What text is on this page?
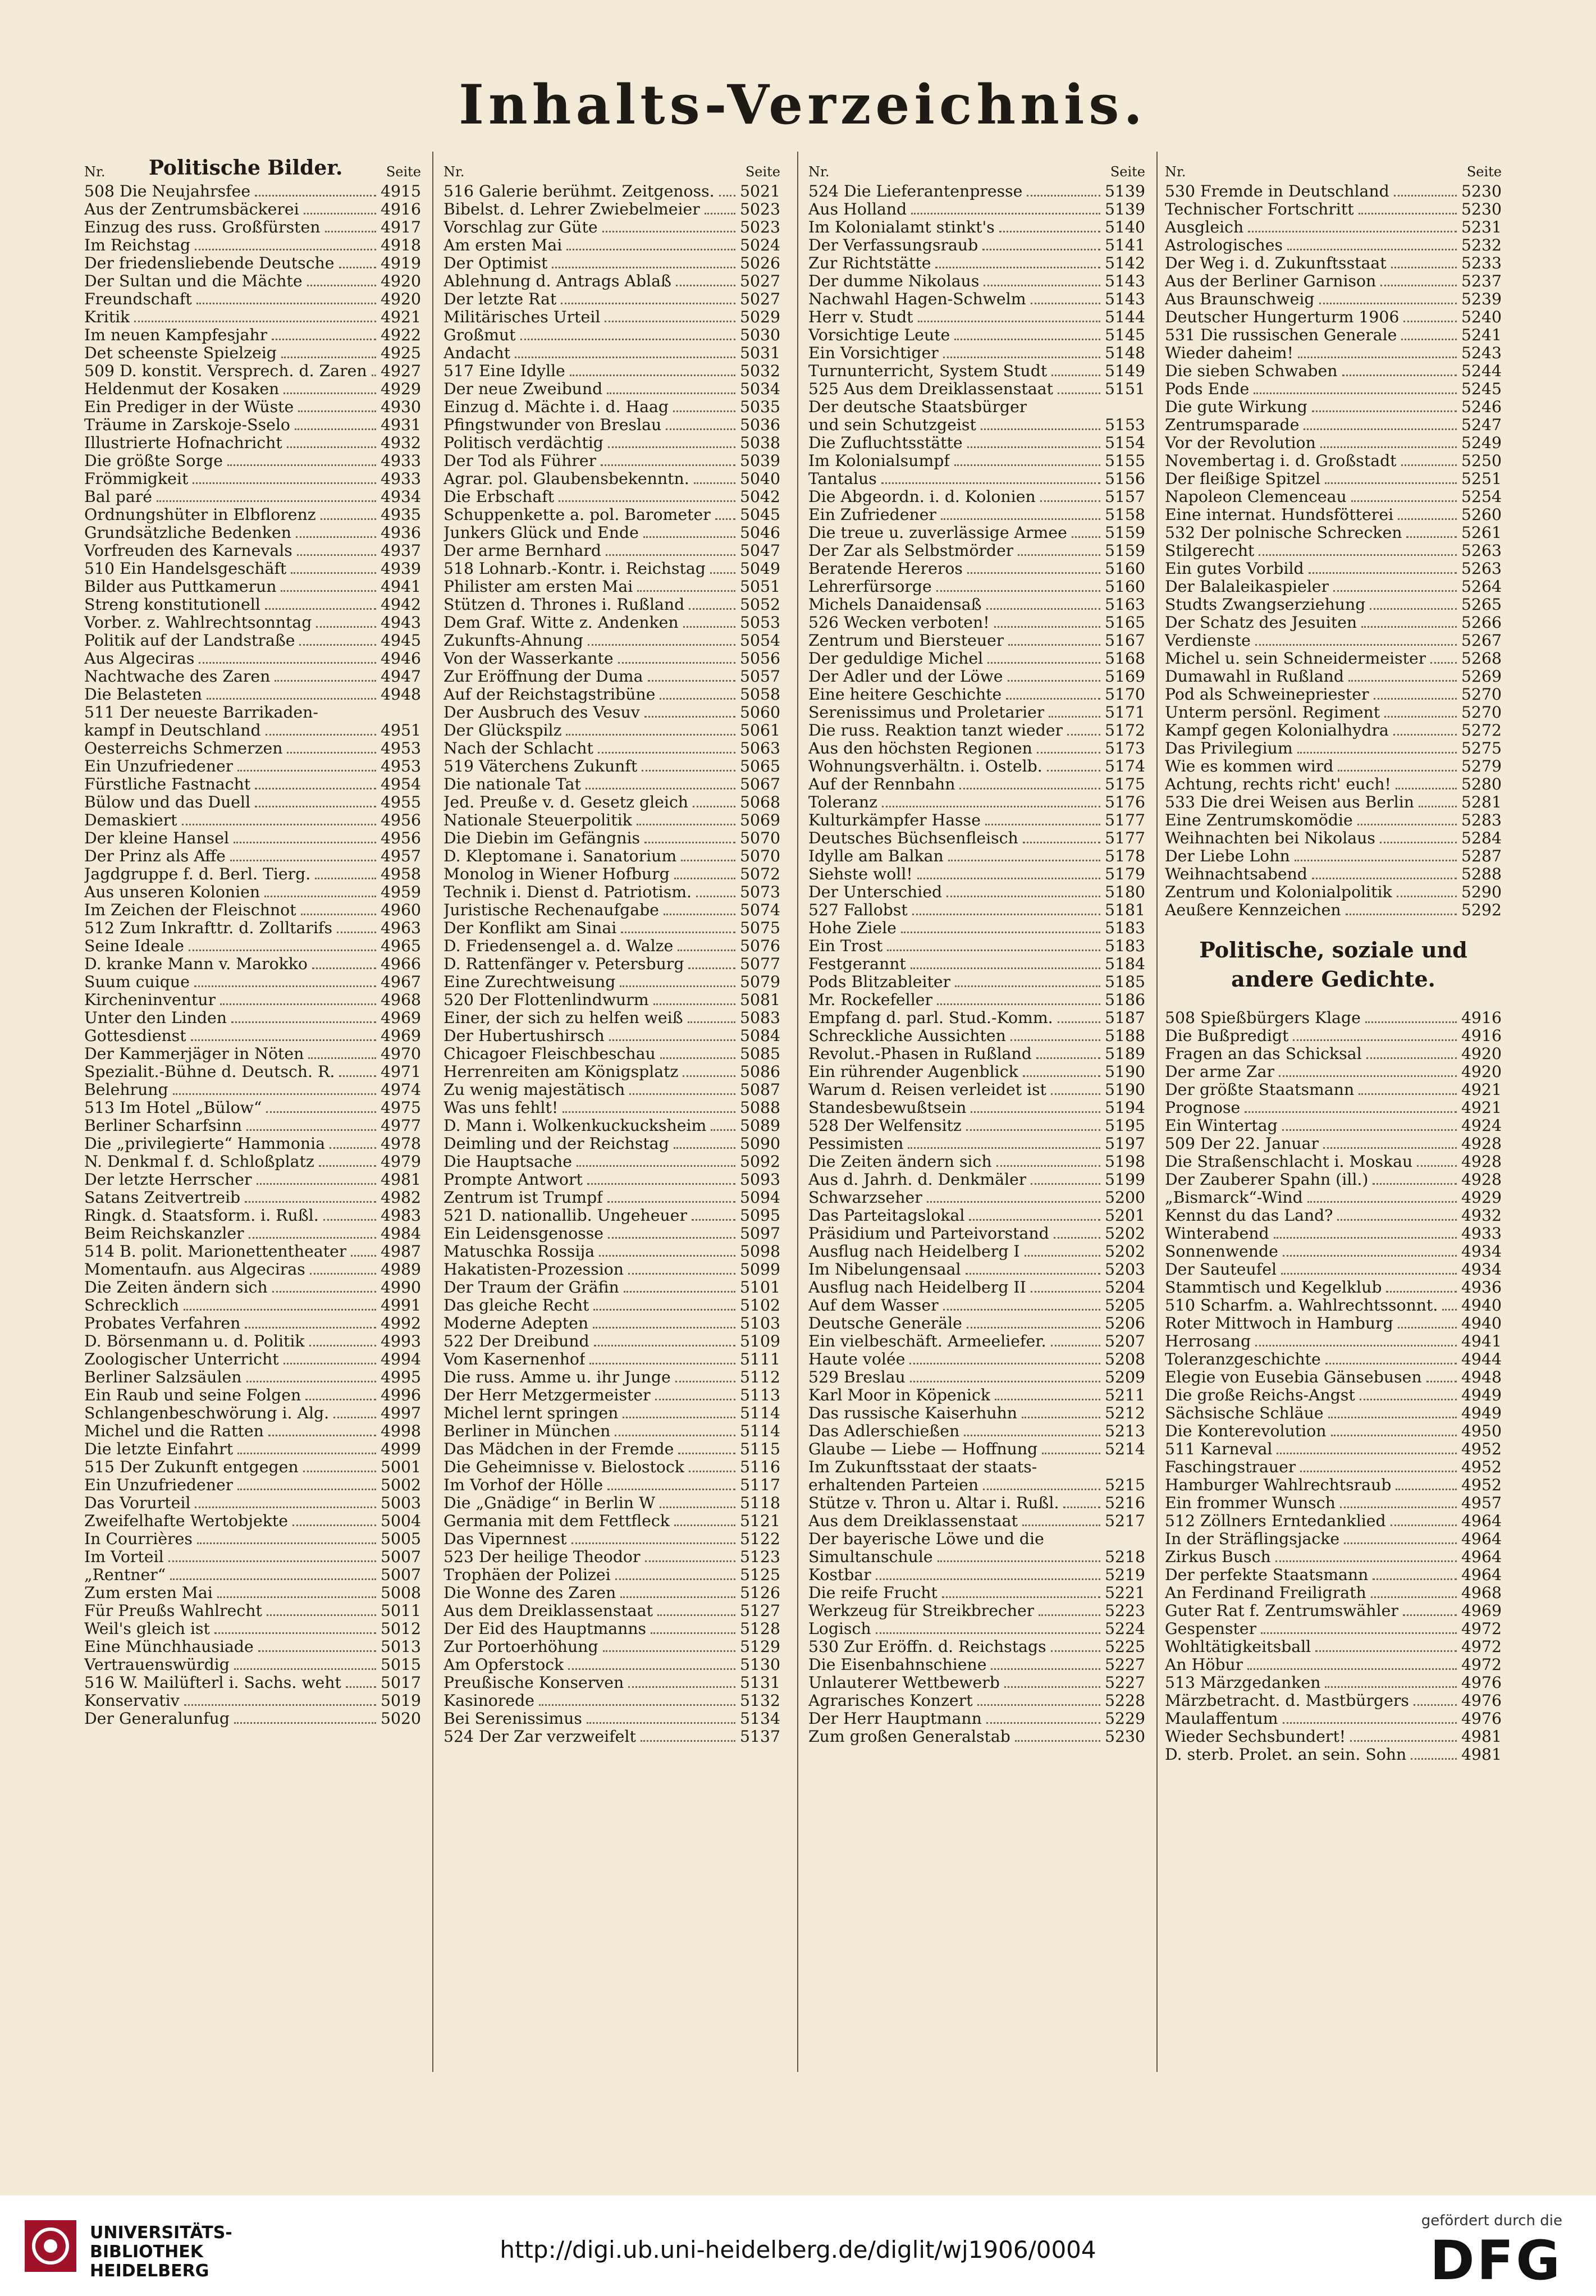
Inhalts-Verzeichnis.
Nr.	Politische Bilder.	Seite
508 Die Neujahrsfee	4915
Aus der Zentrumsbäckerei	4916
Einzug des russ. Großfürsten	4917
Im Reichstag	4918
Der friedensliebende Deutsche	4919
Der Sultan und die Mächte	4920
Freundschaft	4920
Kritik	4921
Im neuen Kampfesjahr	4922
Det scheenste Spielzeig	4925
509 D. konstit. Versprech. d. Zaren 4927
Heldenmut der Kosaken	4929
Ein Prediger in der Wüste	4930
Träume in Zarskoje-Sselo	4931
Illustrierte Hofnachricht	4932
Die größte Sorge	4933
Frömmigkeit	4933
Bal paré	4934
Ordnungshüter in Elbflorenz	4935
Grundsätzliche Bedenken	4936
Vorfreuden des Karnevals	4937
510 Ein Handelsgeschäft	4939
Bilder aus Puttkamerun	4941
Streng konstitutionell	4942
Vorber. z. Wahlrechtsonntag	4943
Politik auf der Landstraße	4945
Aus Algeciras	4946
Nachtwache des Zaren	4947
Die Belasteten	4948
511 Der neueste Barrikaden-
kampf in Deutschland	4951
Oesterreichs Schmerzen	4953
Ein Unzufriedener	4953
Fürstliche Fastnacht	4954
Bülow und das Duell	4955
Demaskiert	4956
Der kleine Hansel	4956
Der Prinz als Affe	4957
Jagdgruppe f. d. Berl. Tierg.	4958
Aus unseren Kolonien	4959
Im Zeichen der Fleischnot	4960
512 Zum Inkrafttr. d. Zolltarifs	4963
Seine Ideale	4965
D. kranke Mann v. Marokko	4966
Suum cuique	4967
Kircheninventur	4968
Unter den Linden	4969
Gottesdienst	4969
Der Kammerjäger in Nöten	4970
Spezialit.-Bühne d. Deutsch. R.	4971
Belehrung	4974
513 Im Hotel „Bülow“	4975
Berliner Scharfsinn	4977
Die „privilegierte“ Hammonia	4978
N. Denkmal f. d. Schloßplatz	4979
Der letzte Herrscher	4981
Satans Zeitvertreib	4982
Ringk. d. Staatsform. i. Rußl.	4983
Beim Reichskanzler	4984
514 B. polit. Marionettentheater 4987
Momentaufn. aus Algeciras	4989
Die Zeiten ändern sich	4990
Schrecklich	4991
Probates Verfahren	4992
D. Börsenmann u. d. Politik	4993
Zoologischer Unterricht	4994
Berliner Salzsäulen	4995
Ein Raub und seine Folgen	4996
Schlangenbeschwörung i. Alg.	4997
Michel und die Ratten	4998
Die letzte Einfahrt	4999
515 Der Zukunft entgegen	5001
Ein Unzufriedener	5002
Das Vorurteil	5003
Zweifelhafte Wertobjekte	5004
In Courrières	5005
Im Vorteil	5007
„Rentner“	5007
Zum ersten Mai	5008
Für Preußs Wahlrecht	5011
Weil's gleich ist	5012
Eine Münchhausiade	5013
Vertrauenswürdig	5015
516 W. Mailüfterl i. Sachs. weht 5017
Konservativ	5019
Der Generalunfug	5020
Nr.	Seite
516 Galerie berühmt. Zeitgenoss. 5021
Bibelst. d. Lehrer Zwiebelmeier	5023
Vorschlag zur Güte	5023
Am ersten Mai	5024
Der Optimist	5026
Ablehnung d. Antrags Ablaß	5027
Der letzte Rat	5027
Militärisches Urteil	5029
Großmut	5030
Andacht	5031
517 Eine Idylle	5032
Der neue Zweibund	5034
Einzug d. Mächte i. d. Haag	5035
Pfingstwunder von Breslau	5036
Politisch verdächtig	5038
Der Tod als Führer	5039
Agrar. pol. Glaubensbekenntn.	5040
Die Erbschaft	5042
Schuppenkette a. pol. Barometer 5045
Junkers Glück und Ende	5046
Der arme Bernhard	5047
518 Lohnarb.-Kontr. i. Reichstag 5049
Philister am ersten Mai	5051
Stützen d. Thrones i. Rußland	5052
Dem Graf. Witte z. Andenken	5053
Zukunfts-Ahnung	5054
Von der Wasserkante	5056
Zur Eröffnung der Duma	5057
Auf der Reichstagstribüne	5058
Der Ausbruch des Vesuv	5060
Der Glückspilz	5061
Nach der Schlacht	5063
519 Väterchens Zukunft	5065
Die nationale Tat	5067
Jed. Preuße v. d. Gesetz gleich	5068
Nationale Steuerpolitik	5069
Die Diebin im Gefängnis	5070
D. Kleptomane i. Sanatorium	5070
Monolog in Wiener Hofburg	5072
Technik i. Dienst d. Patriotism.	5073
Juristische Rechenaufgabe	5074
Der Konflikt am Sinai	5075
D. Friedensengel a. d. Walze	5076
D. Rattenfänger v. Petersburg	5077
Eine Zurechtweisung	5079
520 Der Flottenlindwurm	5081
Einer, der sich zu helfen weiß	5083
Der Hubertushirsch	5084
Chicagoer Fleischbeschau	5085
Herrenreiten am Königsplatz	5086
Zu wenig majestätisch	5087
Was uns fehlt!	5088
D. Mann i. Wolkenkuckucksheim 5089
Deimling und der Reichstag	5090
Die Hauptsache	5092
Prompte Antwort	5093
Zentrum ist Trumpf	5094
521 D. nationallib. Ungeheuer	5095
Ein Leidensgenosse	5097
Matuschka Rossija	5098
Hakatisten-Prozession	5099
Der Traum der Gräfin	5101
Das gleiche Recht	5102
Moderne Adepten	5103
522 Der Dreibund	5109
Vom Kasernenhof	5111
Die russ. Amme u. ihr Junge	5112
Der Herr Metzgermeister	5113
Michel lernt springen	5114
Berliner in München	5114
Das Mädchen in der Fremde	5115
Die Geheimnisse v. Bielostock	5116
Im Vorhof der Hölle	5117
Die „Gnädige“ in Berlin W	5118
Germania mit dem Fettfleck	5121
Das Vipernnest	5122
523 Der heilige Theodor	5123
Trophäen der Polizei	5125
Die Wonne des Zaren	5126
Aus dem Dreiklassenstaat	5127
Der Eid des Hauptmanns	5128
Zur Portoerhöhung	5129
Am Opferstock	5130
Preußische Konserven	5131
Kasinorede	5132
Bei Serenissimus	5134
524 Der Zar verzweifelt	5137
Nr.	Seite
524 Die Lieferantenpresse	5139
Aus Holland	5139
Im Kolonialamt stinkt's	5140
Der Verfassungsraub	5141
Zur Richtstätte	5142
Der dumme Nikolaus	5143
Nachwahl Hagen-Schwelm	5143
Herr v. Studt	5144
Vorsichtige Leute	5145
Ein Vorsichtiger	5148
Turnunterricht, System Studt	5149
525 Aus dem Dreiklassenstaat	5151
Der deutsche Staatsbürger
und sein Schutzgeist	5153
Die Zufluchtsstätte	5154
Im Kolonialsumpf	5155
Tantalus	5156
Die Abgeordn. i. d. Kolonien	5157
Ein Zufriedener	5158
Die treue u. zuverlässige Armee 5159
Der Zar als Selbstmörder	5159
Beratende Hereros	5160
Lehrerfürsorge	5160
Michels Danaidensaß	5163
526 Wecken verboten!	5165
Zentrum und Biersteuer	5167
Der geduldige Michel	5168
Der Adler und der Löwe	5169
Eine heitere Geschichte	5170
Serenissimus und Proletarier	5171
Die russ. Reaktion tanzt wieder	5172
Aus den höchsten Regionen	5173
Wohnungsverhältn. i. Ostelb.	5174
Auf der Rennbahn	5175
Toleranz	5176
Kulturkämpfer Hasse	5177
Deutsches Büchsenfleisch	5177
Idylle am Balkan	5178
Siehste woll!	5179
Der Unterschied	5180
527 Fallobst	5181
Hohe Ziele	5183
Ein Trost	5183
Festgerannt	5184
Pods Blitzableiter	5185
Mr. Rockefeller	5186
Empfang d. parl. Stud.-Komm.	5187
Schreckliche Aussichten	5188
Revolut.-Phasen in Rußland	5189
Ein rührender Augenblick	5190
Warum d. Reisen verleidet ist	5190
Standesbewußtsein	5194
528 Der Welfensitz	5195
Pessimisten	5197
Die Zeiten ändern sich	5198
Aus d. Jahrh. d. Denkmäler	5199
Schwarzseher	5200
Das Parteitagslokal	5201
Präsidium und Parteivorstand	5202
Ausflug nach Heidelberg I	5202
Im Nibelungensaal	5203
Ausflug nach Heidelberg II	5204
Auf dem Wasser	5205
Deutsche Generäle	5206
Ein vielbeschäft. Armeeliefer.	5207
Haute volée	5208
529 Breslau	5209
Karl Moor in Köpenick	5211
Das russische Kaiserhuhn	5212
Das Adlerschießen	5213
Glaube — Liebe — Hoffnung	5214
Im Zukunftsstaat der staats-
erhaltenden Parteien	5215
Stütze v. Thron u. Altar i. Rußl.	5216
Aus dem Dreiklassenstaat	5217
Der bayerische Löwe und die
Simultanschule	5218
Kostbar	5219
Die reife Frucht	5221
Werkzeug für Streikbrecher	5223
Logisch	5224
530 Zur Eröffn. d. Reichstags	5225
Die Eisenbahnschiene	5227
Unlauterer Wettbewerb	5227
Agrarisches Konzert	5228
Der Herr Hauptmann	5229
Zum großen Generalstab	5230
Nr.	Seite
530 Fremde in Deutschland	5230
Technischer Fortschritt	5230
Ausgleich	5231
Astrologisches	5232
Der Weg i. d. Zukunftsstaat	5233
Aus der Berliner Garnison	5237
Aus Braunschweig	5239
Deutscher Hungerturm 1906	5240
531 Die russischen Generale	5241
Wieder daheim!	5243
Die sieben Schwaben	5244
Pods Ende	5245
Die gute Wirkung	5246
Zentrumsparade	5247
Vor der Revolution	5249
Novembertag i. d. Großstadt	5250
Der fleißige Spitzel	5251
Napoleon Clemenceau	5254
Eine internat. Hundsfötterei	5260
532 Der polnische Schrecken	5261
Stilgerecht	5263
Ein gutes Vorbild	5263
Der Balaleikaspieler	5264
Studts Zwangserziehung	5265
Der Schatz des Jesuiten	5266
Verdienste	5267
Michel u. sein Schneidermeister 5268
Dumawahl in Rußland	5269
Pod als Schweinepriester	5270
Unterm persönl. Regiment	5270
Kampf gegen Kolonialhydra	5272
Das Privilegium	5275
Wie es kommen wird	5279
Achtung, rechts richt' euch!	5280
533 Die drei Weisen aus Berlin	5281
Eine Zentrumskomödie	5283
Weihnachten bei Nikolaus	5284
Der Liebe Lohn	5287
Weihnachtsabend	5288
Zentrum und Kolonialpolitik	5290
Aeußere Kennzeichen	5292
Politische, soziale und andere Gedichte.
508 Spießbürgers Klage	4916
Die Bußpredigt	4916
Fragen an das Schicksal	4920
Der arme Zar	4920
Der größte Staatsmann	4921
Prognose	4921
Ein Wintertag	4924
509 Der 22. Januar	4928
Die Straßenschlacht i. Moskau	4928
Der Zauberer Spahn (ill.)	4928
„Bismarck“-Wind	4929
Kennst du das Land?	4932
Winterabend	4933
Sonnenwende	4934
Der Sauteufel	4934
Stammtisch und Kegelklub	4936
510 Scharfm. a. Wahlrechtssonnt. 4940
Roter Mittwoch in Hamburg	4940
Herrosang	4941
Toleranzgeschichte	4944
Elegie von Eusebia Gänsebusen 4948
Die große Reichs-Angst	4949
Sächsische Schläue	4949
Die Konterevolution	4950
511 Karneval	4952
Faschingstrauer	4952
Hamburger Wahlrechtsraub	4952
Ein frommer Wunsch	4957
512 Zöllners Erntedanklied	4964
In der Sträflingsjacke	4964
Zirkus Busch	4964
Der perfekte Staatsmann	4964
An Ferdinand Freiligrath	4968
Guter Rat f. Zentrumswähler	4969
Gespenster	4972
Wohltätigkeitsball	4972
An Höbur	4972
513 Märzgedanken	4976
Märzbetracht. d. Mastbürgers	4976
Maulaffentum	4976
Wieder Sechsbundert!	4981
D. sterb. Prolet. an sein. Sohn	4981
UNIVERSITÄTS-
BIBLIOTHEK
HEIDELBERG
http://digi.ub.uni-heidelberg.de/diglit/wj1906/0004
gefördert durch die
DFG
